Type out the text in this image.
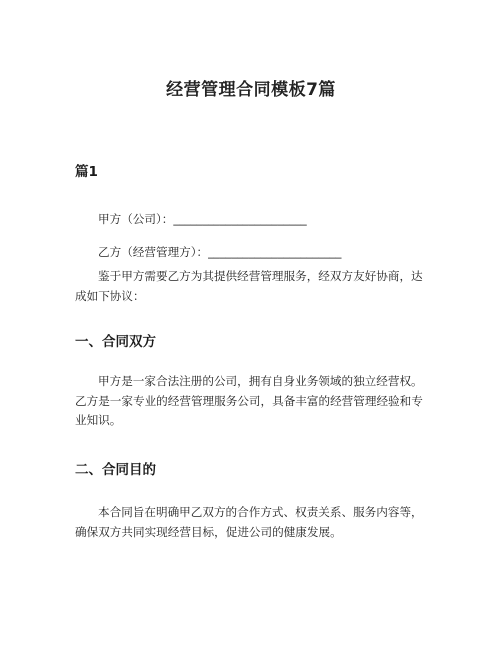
经营管理合同模板7篇
篇1
甲方（公司）：_______________________
乙方（经营管理方）：_______________________
鉴于甲方需要乙方为其提供经营管理服务，经双方友好协商，达成如下协议：
一、合同双方
甲方是一家合法注册的公司，拥有自身业务领域的独立经营权。乙方是一家专业的经营管理服务公司，具备丰富的经营管理经验和专业知识。
二、合同目的
本合同旨在明确甲乙双方的合作方式、权责关系、服务内容等，确保双方共同实现经营目标，促进公司的健康发展。
